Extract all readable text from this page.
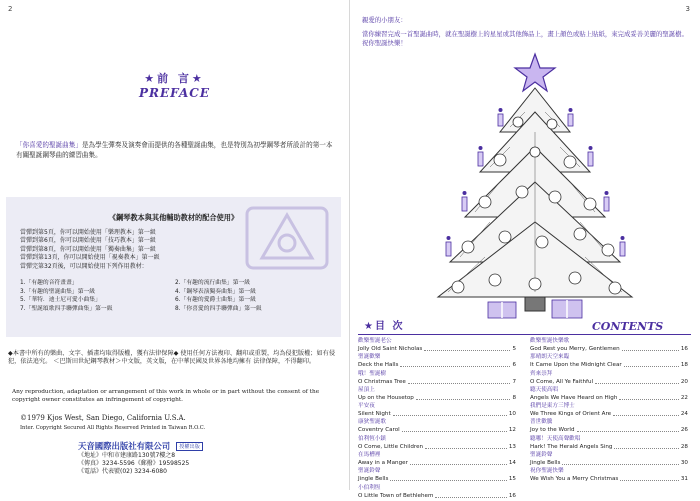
2
★前 言★
PREFACE
「你喜愛的聖誕曲集」是為學生彈奏及演奏會而提供的各種聖誕曲集，也是特別為初學鋼琴者所設計的第一本有關聖誕鋼琴曲的練習曲集。
《鋼琴教本與其他輔助教材的配合使用》
當彈到第5頁，你可以開始使用「樂理教本」第一級
當彈到第6頁，你可以開始使用「技巧教本」第一級
當彈到第8頁，你可以開始使用「獨奏曲集」第一級
當彈到第13頁，你可以開始使用「視奏教本」第一級
當彈完第32頁後，可以開始使用下列作用教材：
1.「有趣的音符畫畫」	2.「有趣的流行曲集」第一級
3.「有趣的聖誕曲集」第一級	4.「鋼琴表演獨奏曲集」第一級
5.「華特．迪士尼可愛小曲集」	6.「有趣的愛爵士曲集」第一級
7.「聖誕頌歌四手聯彈曲集」第一級	8.「你喜愛的四手聯彈曲」第一級
◆本書中所有的樂曲、文字、插畫均取得版權，獲有法律保障◆ 使用任何方法複印、翻印或重製，均為侵犯版權；如有侵犯，依法追究。 ＜巴斯田世紀鋼琴教材＞中文版，英文版，在中華民國及世界各地均擁有 法律保障，不得翻印。
Any reproduction, adaptation or arrangement of this work in whole or in part without the consent of the copyright owner constitutes an infringement of copyright.
©1979 Kjos West, San Diego, California U.S.A.
Inter. Copyright Secured All Rights Reserved Printed in Taiwan R.O.C.
天音國際出版社有限公司 授權出版
《地址》中和市建康路130號7樓之8
《傳真》3234-5596《郵撥》19598525
《電話》代表號(02) 3234-6080
3
親愛的小朋友：
當你練習完成一首聖誕曲時，就在聖誕樹上的星星或其他飾品上，畫上顏色或貼上貼紙，來完成妥善美麗的聖誕樹。祝你聖誕快樂！
★目 次	CONTENTS
歡樂聖誕老公
Jolly Old Saint Nicholas	5
聖誕歡樂
Deck the Halls	6
哦！聖誕樹
O Christmas Tree	7
屋頂上
Up on the Housetop	8
平安夜
Silent Night	10
康狄聖誕歌
Coventry Carol	12
伯利恆小鎮
O Come, Little Children	13
在馬槽裡
Away in a Manger	14
聖誕鈴聲
Jingle Bells	15
小伯利恆
O Little Town of Bethlehem	16
歡樂聖誕快樂歌
God Rest you Merry, Gentlemen	16
那晴朗天空來臨
It Came Upon the Midnight Clear	18
齊來崇拜
O Come, All Ye Faithful	20
聽天使高唱
Angels We Have Heard on High	22
我們是東方三博士
We Three Kings of Orient Are	24
普世歡騰
Joy to the World	26
聽哪！天使高聲歡唱
Hark! The Herald Angels Sing	28
聖誕鈴聲
Jingle Bells	30
祝你聖誕快樂
We Wish You a Merry Christmas	31
